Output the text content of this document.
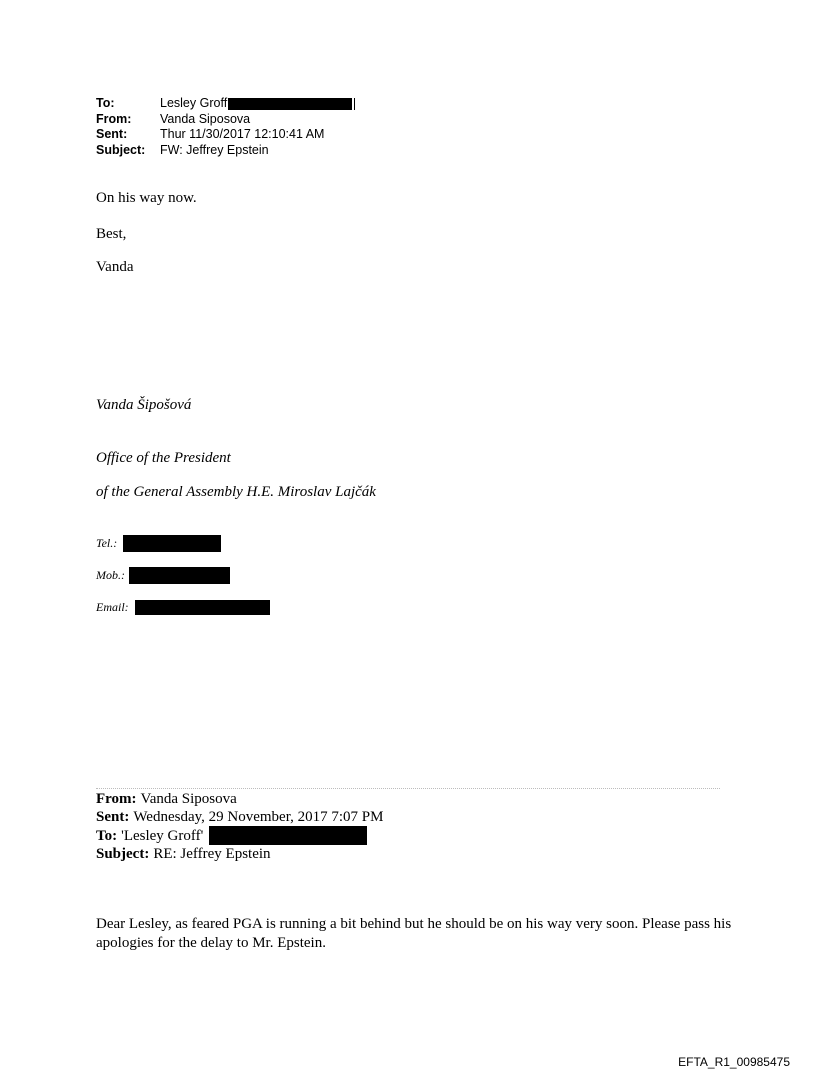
To:	Lesley Groff
From:	Vanda Siposova
Sent:	Thur 11/30/2017 12:10:41 AM
Subject:	FW: Jeffrey Epstein

On his way now.

Best,

Vanda

Vanda Šipošová

Office of the President

of the General Assembly H.E. Miroslav Lajčák

Tel.:
Mob.:
Email:
From: Vanda Siposova
Sent: Wednesday, 29 November, 2017 7:07 PM
To: 'Lesley Groff'
Subject: RE: Jeffrey Epstein

Dear Lesley, as feared PGA is running a bit behind but he should be on his way very soon. Please pass his apologies for the delay to Mr. Epstein.

EFTA_R1_00985475
